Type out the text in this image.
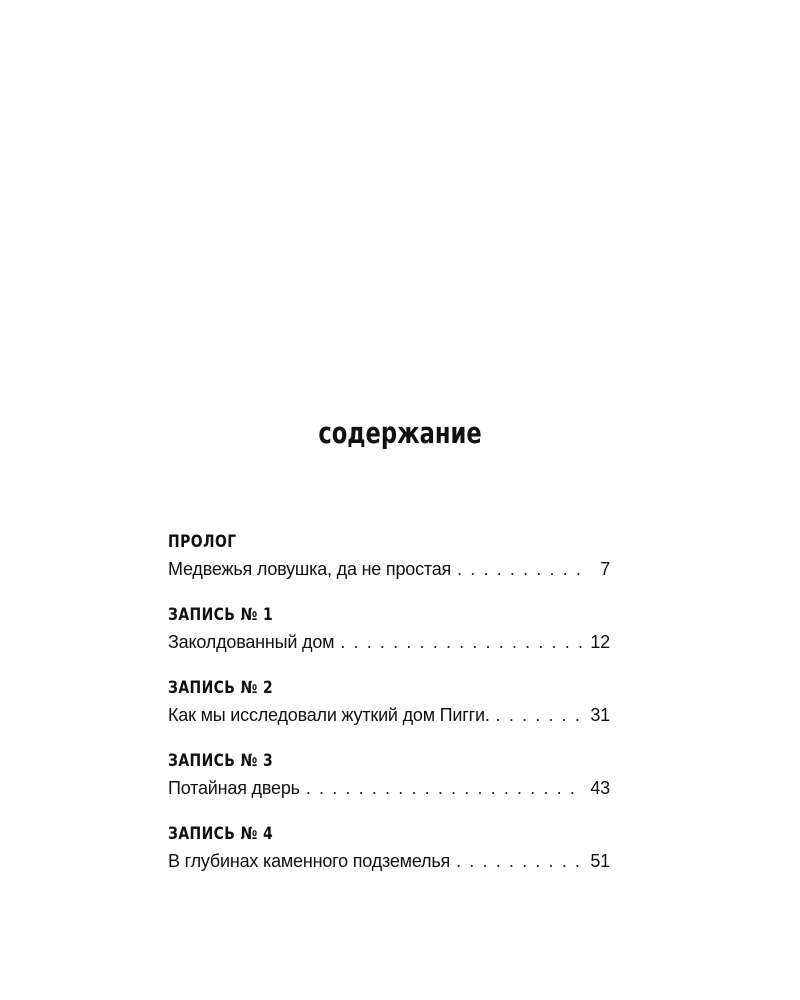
содержание
ПРОЛОГ
Медвежья ловушка, да не простая . . .	7
ЗАПИСЬ № 1
Заколдованный дом . . .	12
ЗАПИСЬ № 2
Как мы исследовали жуткий дом Пигги. . . .	31
ЗАПИСЬ № 3
Потайная дверь . . .	43
ЗАПИСЬ № 4
В глубинах каменного подземелья . . .	51
